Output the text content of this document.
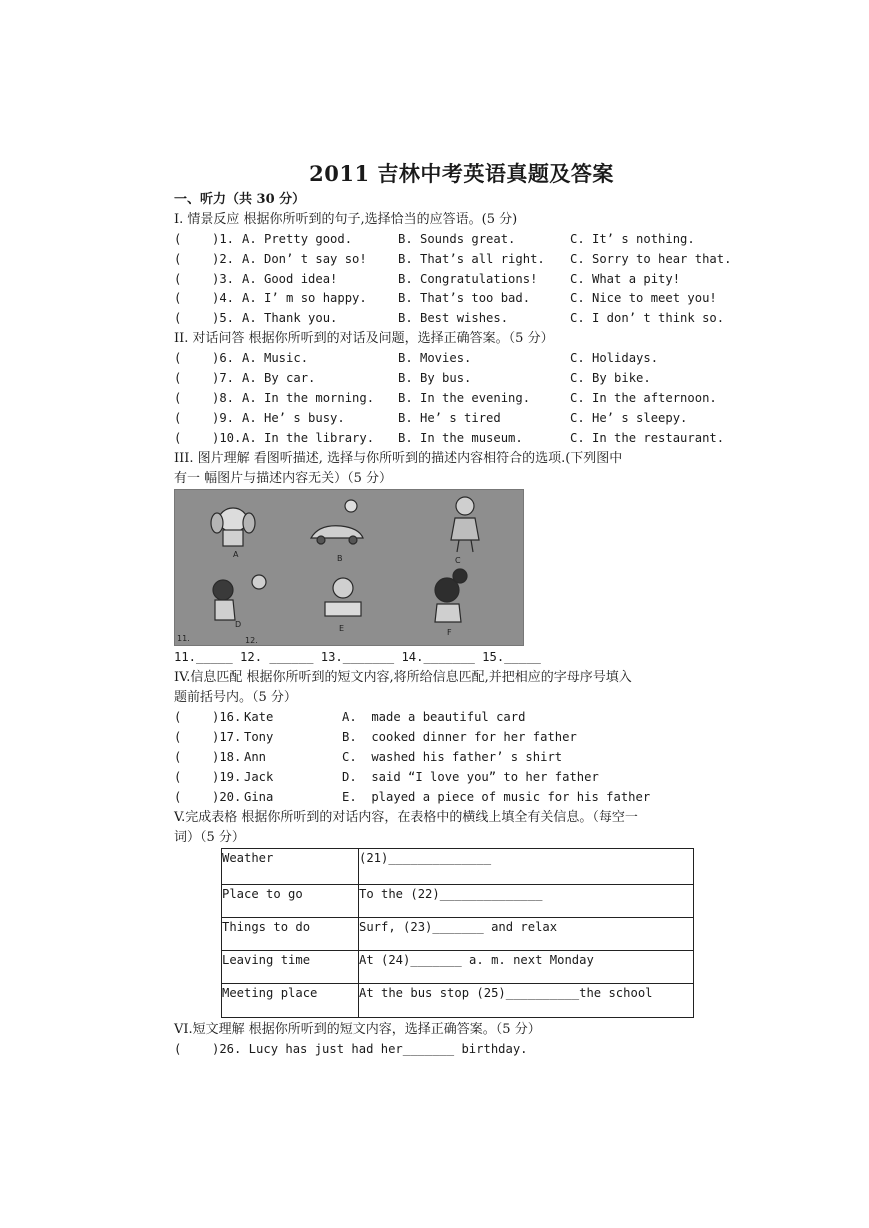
2011 吉林中考英语真题及答案
一、听力（共 30 分）
I. 情景反应 根据你所听到的句子,选择恰当的应答语。(5 分)
(	)1. A. Pretty good.	B. Sounds great.	C. It’ s nothing.
(	)2. A. Don’ t say so!	B. That’s all right.	C. Sorry to hear that.
(	)3. A. Good idea!	B. Congratulations!	C. What a pity!
(	)4. A. I’ m so happy.	B. That’s too bad.	C. Nice to meet you!
(	)5. A. Thank you.	B. Best wishes.	C. I don’ t think so.
II. 对话问答 根据你所听到的对话及问题，选择正确答案。（5 分）
(	)6. A. Music.	B. Movies.	C. Holidays.
(	)7. A. By car.	B. By bus.	C. By bike.
(	)8. A. In the morning.	B. In the evening.	C. In the afternoon.
(	)9. A. He’ s busy.	B. He’ s tired	C. He’ s sleepy.
(	)10. A. In the library.	B. In the museum.	C. In the restaurant.
III. 图片理解 看图听描述, 选择与你所听到的描述内容相符合的选项.(下列图中
有一 幅图片与描述内容无关）（5 分）
A	B	C
D	E	F
11.	12.
11._____ 12. ______ 13._______ 14._______ 15._____
IV.信息匹配 根据你所听到的短文内容,将所给信息匹配,并把相应的字母序号填入
题前括号内。（5 分）
(	)16. Kate	A.  made a beautiful card
(	)17. Tony	B.  cooked dinner for her father
(	)18. Ann	C.  washed his father’ s shirt
(	)19. Jack	D.  said “I love you” to her father
(	)20. Gina	E.  played a piece of music for his father
V.完成表格 根据你所听到的对话内容，在表格中的横线上填全有关信息。（每空一
词）（5 分）
Weather	(21)______________
Place to go	To the (22)______________
Things to do	Surf, (23)_______ and relax
Leaving time	At (24)_______ a. m. next Monday
Meeting place	At the bus stop (25)__________the school
VI.短文理解 根据你所听到的短文内容，选择正确答案。（5 分）
(	)26. Lucy has just had her_______ birthday.
